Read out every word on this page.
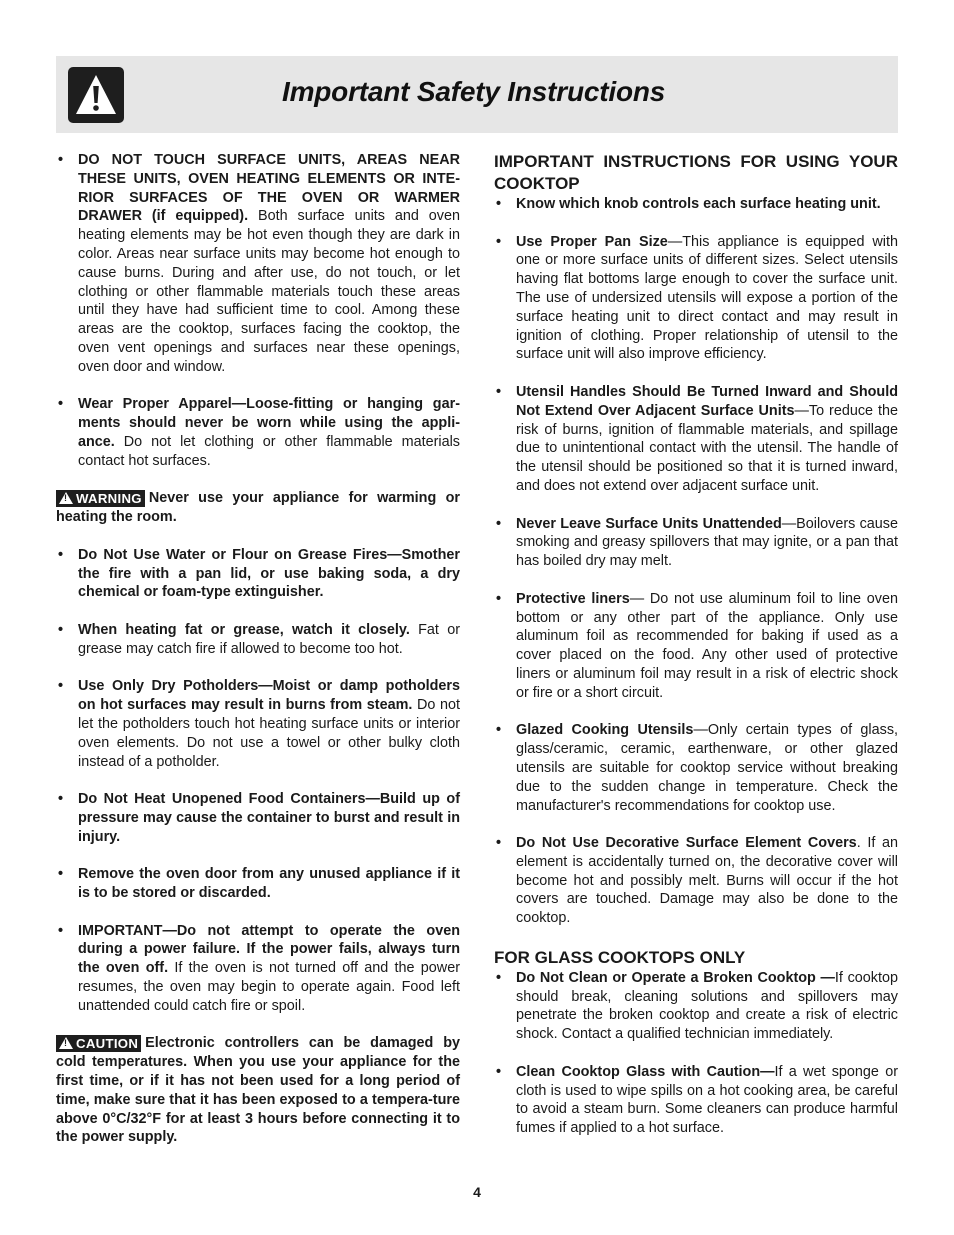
Important Safety Instructions
• DO NOT TOUCH SURFACE UNITS, AREAS NEAR THESE UNITS, OVEN HEATING ELEMENTS OR INTE-RIOR SURFACES OF THE OVEN OR WARMER DRAWER (if equipped). Both surface units and oven heating elements may be hot even though they are dark in color. Areas near surface units may become hot enough to cause burns. During and after use, do not touch, or let clothing or other flammable materials touch these areas until they have had sufficient time to cool. Among these areas are the cooktop, surfaces facing the cooktop, the oven vent openings and surfaces near these openings, oven door and window.
• Wear Proper Apparel—Loose-fitting or hanging gar-ments should never be worn while using the appli-ance. Do not let clothing or other flammable materials contact hot surfaces.
!WARNING Never use your appliance for warming or heating the room.
• Do Not Use Water or Flour on Grease Fires—Smother the fire with a pan lid, or use baking soda, a dry chemical or foam-type extinguisher.
• When heating fat or grease, watch it closely. Fat or grease may catch fire if allowed to become too hot.
• Use Only Dry Potholders—Moist or damp potholders on hot surfaces may result in burns from steam. Do not let the potholders touch hot heating surface units or interior oven elements. Do not use a towel or other bulky cloth instead of a potholder.
• Do Not Heat Unopened Food Containers—Build up of pressure may cause the container to burst and result in injury.
• Remove the oven door from any unused appliance if it is to be stored or discarded.
• IMPORTANT—Do not attempt to operate the oven during a power failure. If the power fails, always turn the oven off. If the oven is not turned off and the power resumes, the oven may begin to operate again. Food left unattended could catch fire or spoil.
!CAUTION Electronic controllers can be damaged by cold temperatures. When you use your appliance for the first time, or if it has not been used for a long period of time, make sure that it has been exposed to a tempera-ture above 0°C/32°F for at least 3 hours before connecting it to the power supply.
IMPORTANT INSTRUCTIONS FOR USING YOUR COOKTOP
• Know which knob controls each surface heating unit.
• Use Proper Pan Size—This appliance is equipped with one or more surface units of different sizes. Select utensils having flat bottoms large enough to cover the surface unit. The use of undersized utensils will expose a portion of the surface heating unit to direct contact and may result in ignition of clothing. Proper relationship of utensil to the surface unit will also improve efficiency.
• Utensil Handles Should Be Turned Inward and Should Not Extend Over Adjacent Surface Units—To reduce the risk of burns, ignition of flammable materials, and spillage due to unintentional contact with the utensil. The handle of the utensil should be positioned so that it is turned inward, and does not extend over adjacent surface unit.
• Never Leave Surface Units Unattended—Boilovers cause smoking and greasy spillovers that may ignite, or a pan that has boiled dry may melt.
• Protective liners— Do not use aluminum foil to line oven bottom or any other part of the appliance. Only use aluminum foil as recommended for baking if used as a cover placed on the food. Any other used of protective liners or aluminum foil may result in a risk of electric shock or fire or a short circuit.
• Glazed Cooking Utensils—Only certain types of glass, glass/ceramic, ceramic, earthenware, or other glazed utensils are suitable for cooktop service without breaking due to the sudden change in temperature. Check the manufacturer's recommendations for cooktop use.
• Do Not Use Decorative Surface Element Covers. If an element is accidentally turned on, the decorative cover will become hot and possibly melt. Burns will occur if the hot covers are touched. Damage may also be done to the cooktop.
FOR GLASS COOKTOPS ONLY
• Do Not Clean or Operate a Broken Cooktop —If cooktop should break, cleaning solutions and spillovers may penetrate the broken cooktop and create a risk of electric shock. Contact a qualified technician immediately.
• Clean Cooktop Glass with Caution—If a wet sponge or cloth is used to wipe spills on a hot cooking area, be careful to avoid a steam burn. Some cleaners can produce harmful fumes if applied to a hot surface.
4
